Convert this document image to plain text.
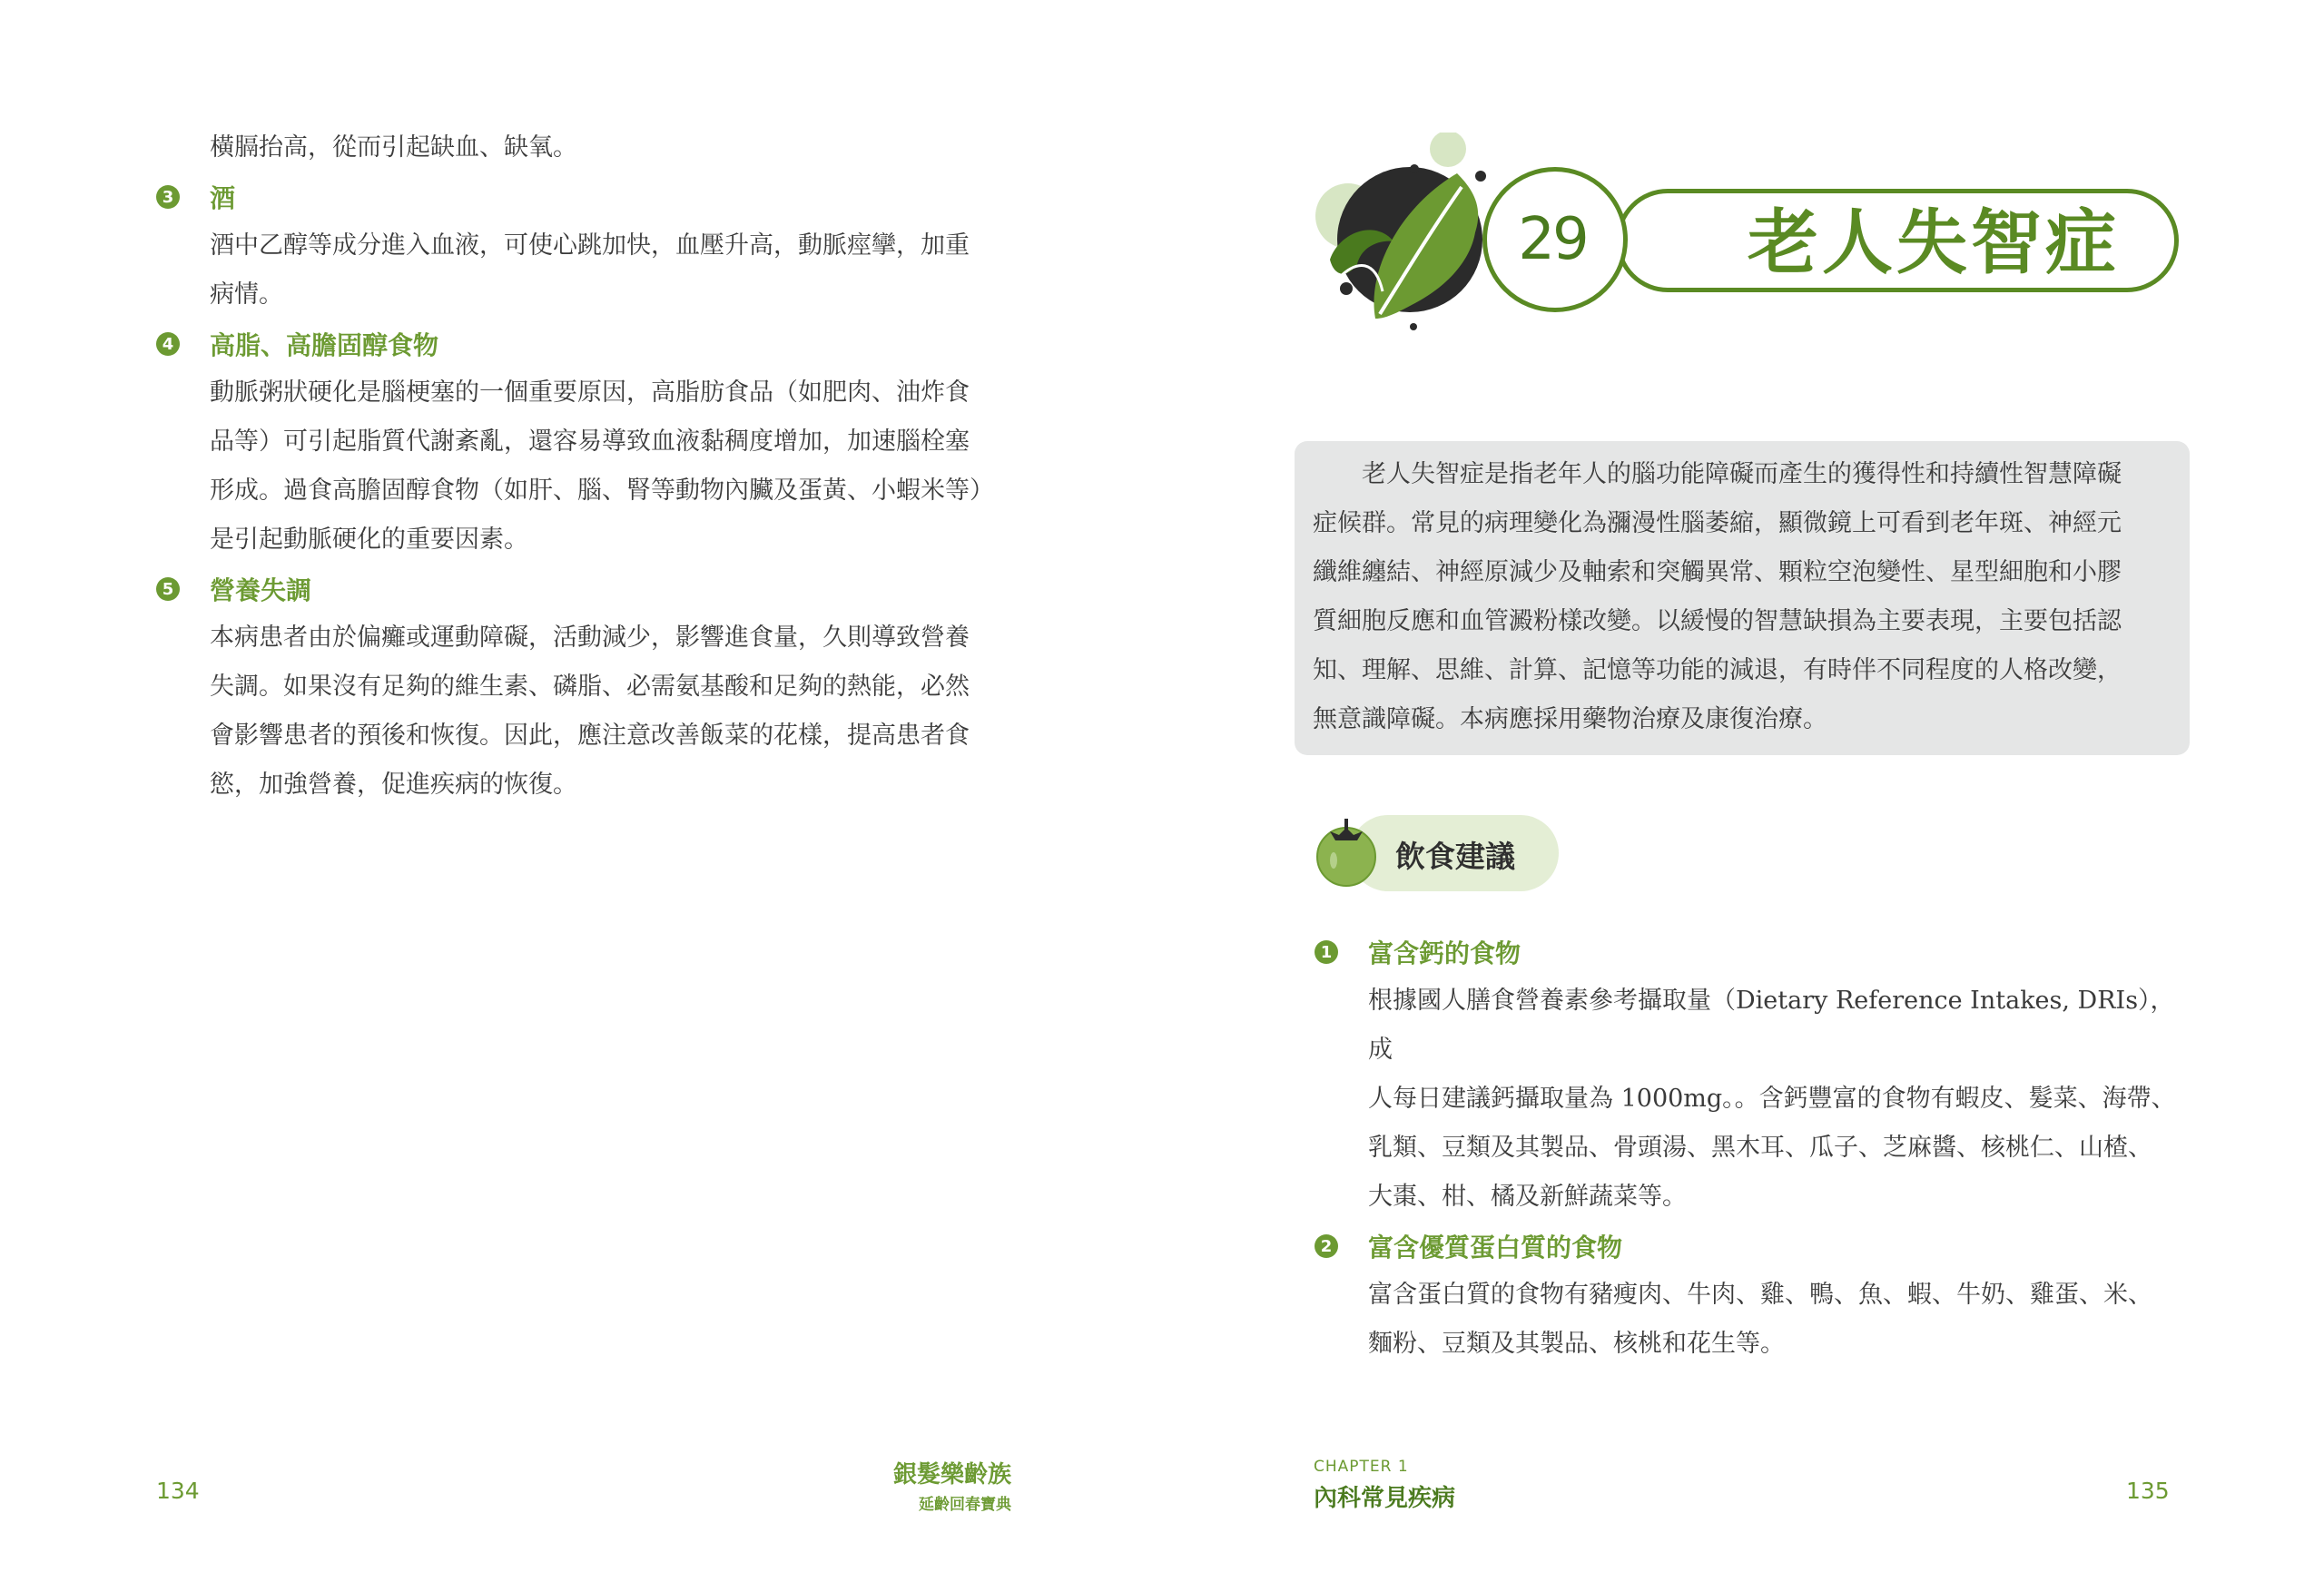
橫膈抬高，從而引起缺血、缺氧。

3 酒

酒中乙醇等成分進入血液，可使心跳加快，血壓升高，動脈痙攣，加重

病情。

4 高脂、高膽固醇食物

動脈粥狀硬化是腦梗塞的一個重要原因，高脂肪食品（如肥肉、油炸食

品等）可引起脂質代謝紊亂，還容易導致血液黏稠度增加，加速腦栓塞

形成。過食高膽固醇食物（如肝、腦、腎等動物內臟及蛋黃、小蝦米等）

是引起動脈硬化的重要因素。

5 營養失調

本病患者由於偏癱或運動障礙，活動減少，影響進食量，久則導致營養

失調。如果沒有足夠的維生素、磷脂、必需氨基酸和足夠的熱能，必然

會影響患者的預後和恢復。因此，應注意改善飯菜的花樣，提高患者食

慾，加強營養，促進疾病的恢復。

134
銀髮樂齡族
延齡回春寶典
老人失智症
29

　　老人失智症是指老年人的腦功能障礙而產生的獲得性和持續性智慧障礙

症候群。常見的病理變化為瀰漫性腦萎縮，顯微鏡上可看到老年斑、神經元

纖維纏結、神經原減少及軸索和突觸異常、顆粒空泡變性、星型細胞和小膠

質細胞反應和血管澱粉樣改變。以緩慢的智慧缺損為主要表現，主要包括認

知、理解、思維、計算、記憶等功能的減退，有時伴不同程度的人格改變，

無意識障礙。本病應採用藥物治療及康復治療。

飲食建議
1 富含鈣的食物

根據國人膳食營養素參考攝取量（Dietary Reference Intakes, DRIs），成

人每日建議鈣攝取量為 1000mg。。含鈣豐富的食物有蝦皮、髮菜、海帶、

乳類、豆類及其製品、骨頭湯、黑木耳、瓜子、芝麻醬、核桃仁、山楂、

大棗、柑、橘及新鮮蔬菜等。

2 富含優質蛋白質的食物

富含蛋白質的食物有豬瘦肉、牛肉、雞、鴨、魚、蝦、牛奶、雞蛋、米、

麵粉、豆類及其製品、核桃和花生等。

CHAPTER 1
內科常見疾病	135
